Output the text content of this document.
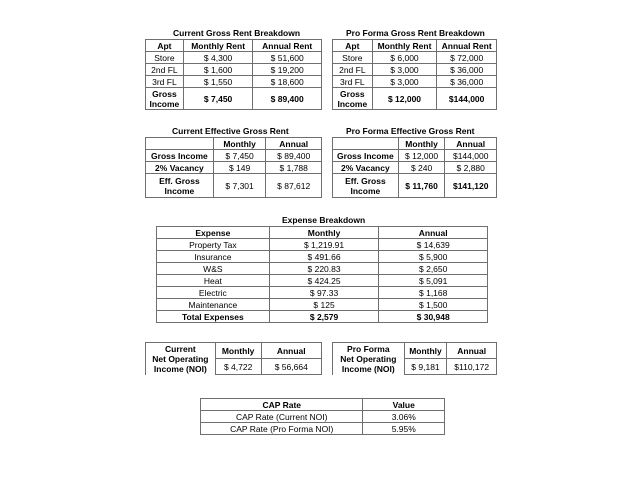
Current Gross Rent Breakdown
Apt	Monthly Rent	Annual Rent
Store	$ 4,300	$ 51,600
2nd FL	$ 1,600	$ 19,200
3rd FL	$ 1,550	$ 18,600
Gross
Income	$ 7,450	$ 89,400
Pro Forma Gross Rent Breakdown
Apt	Monthly Rent	Annual Rent
Store	$ 6,000	$ 72,000
2nd FL	$ 3,000	$ 36,000
3rd FL	$ 3,000	$ 36,000
Gross
Income	$ 12,000	$144,000
Current Effective Gross Rent
	Monthly	Annual
Gross Income	$ 7,450	$ 89,400
2% Vacancy	$ 149	$ 1,788
Eff. Gross
Income	$ 7,301	$ 87,612
Pro Forma Effective Gross Rent
	Monthly	Annual
Gross Income	$ 12,000	$144,000
2% Vacancy	$ 240	$ 2,880
Eff. Gross
Income	$ 11,760	$141,120
Expense Breakdown
Expense	Monthly	Annual
Property Tax	$ 1,219.91	$ 14,639
Insurance	$ 491.66	$ 5,900
W&S	$ 220.83	$ 2,650
Heat	$ 424.25	$ 5,091
Electric	$ 97.33	$ 1,168
Maintenance	$ 125	$ 1,500
Total Expenses	$ 2,579	$ 30,948
Current
Net Operating
Income (NOI)	Monthly	Annual
	$ 4,722	$ 56,664
Pro Forma
Net Operating
Income (NOI)	Monthly	Annual
	$ 9,181	$110,172
CAP Rate	Value
CAP Rate (Current NOI)	3.06%
CAP Rate (Pro Forma NOI)	5.95%
